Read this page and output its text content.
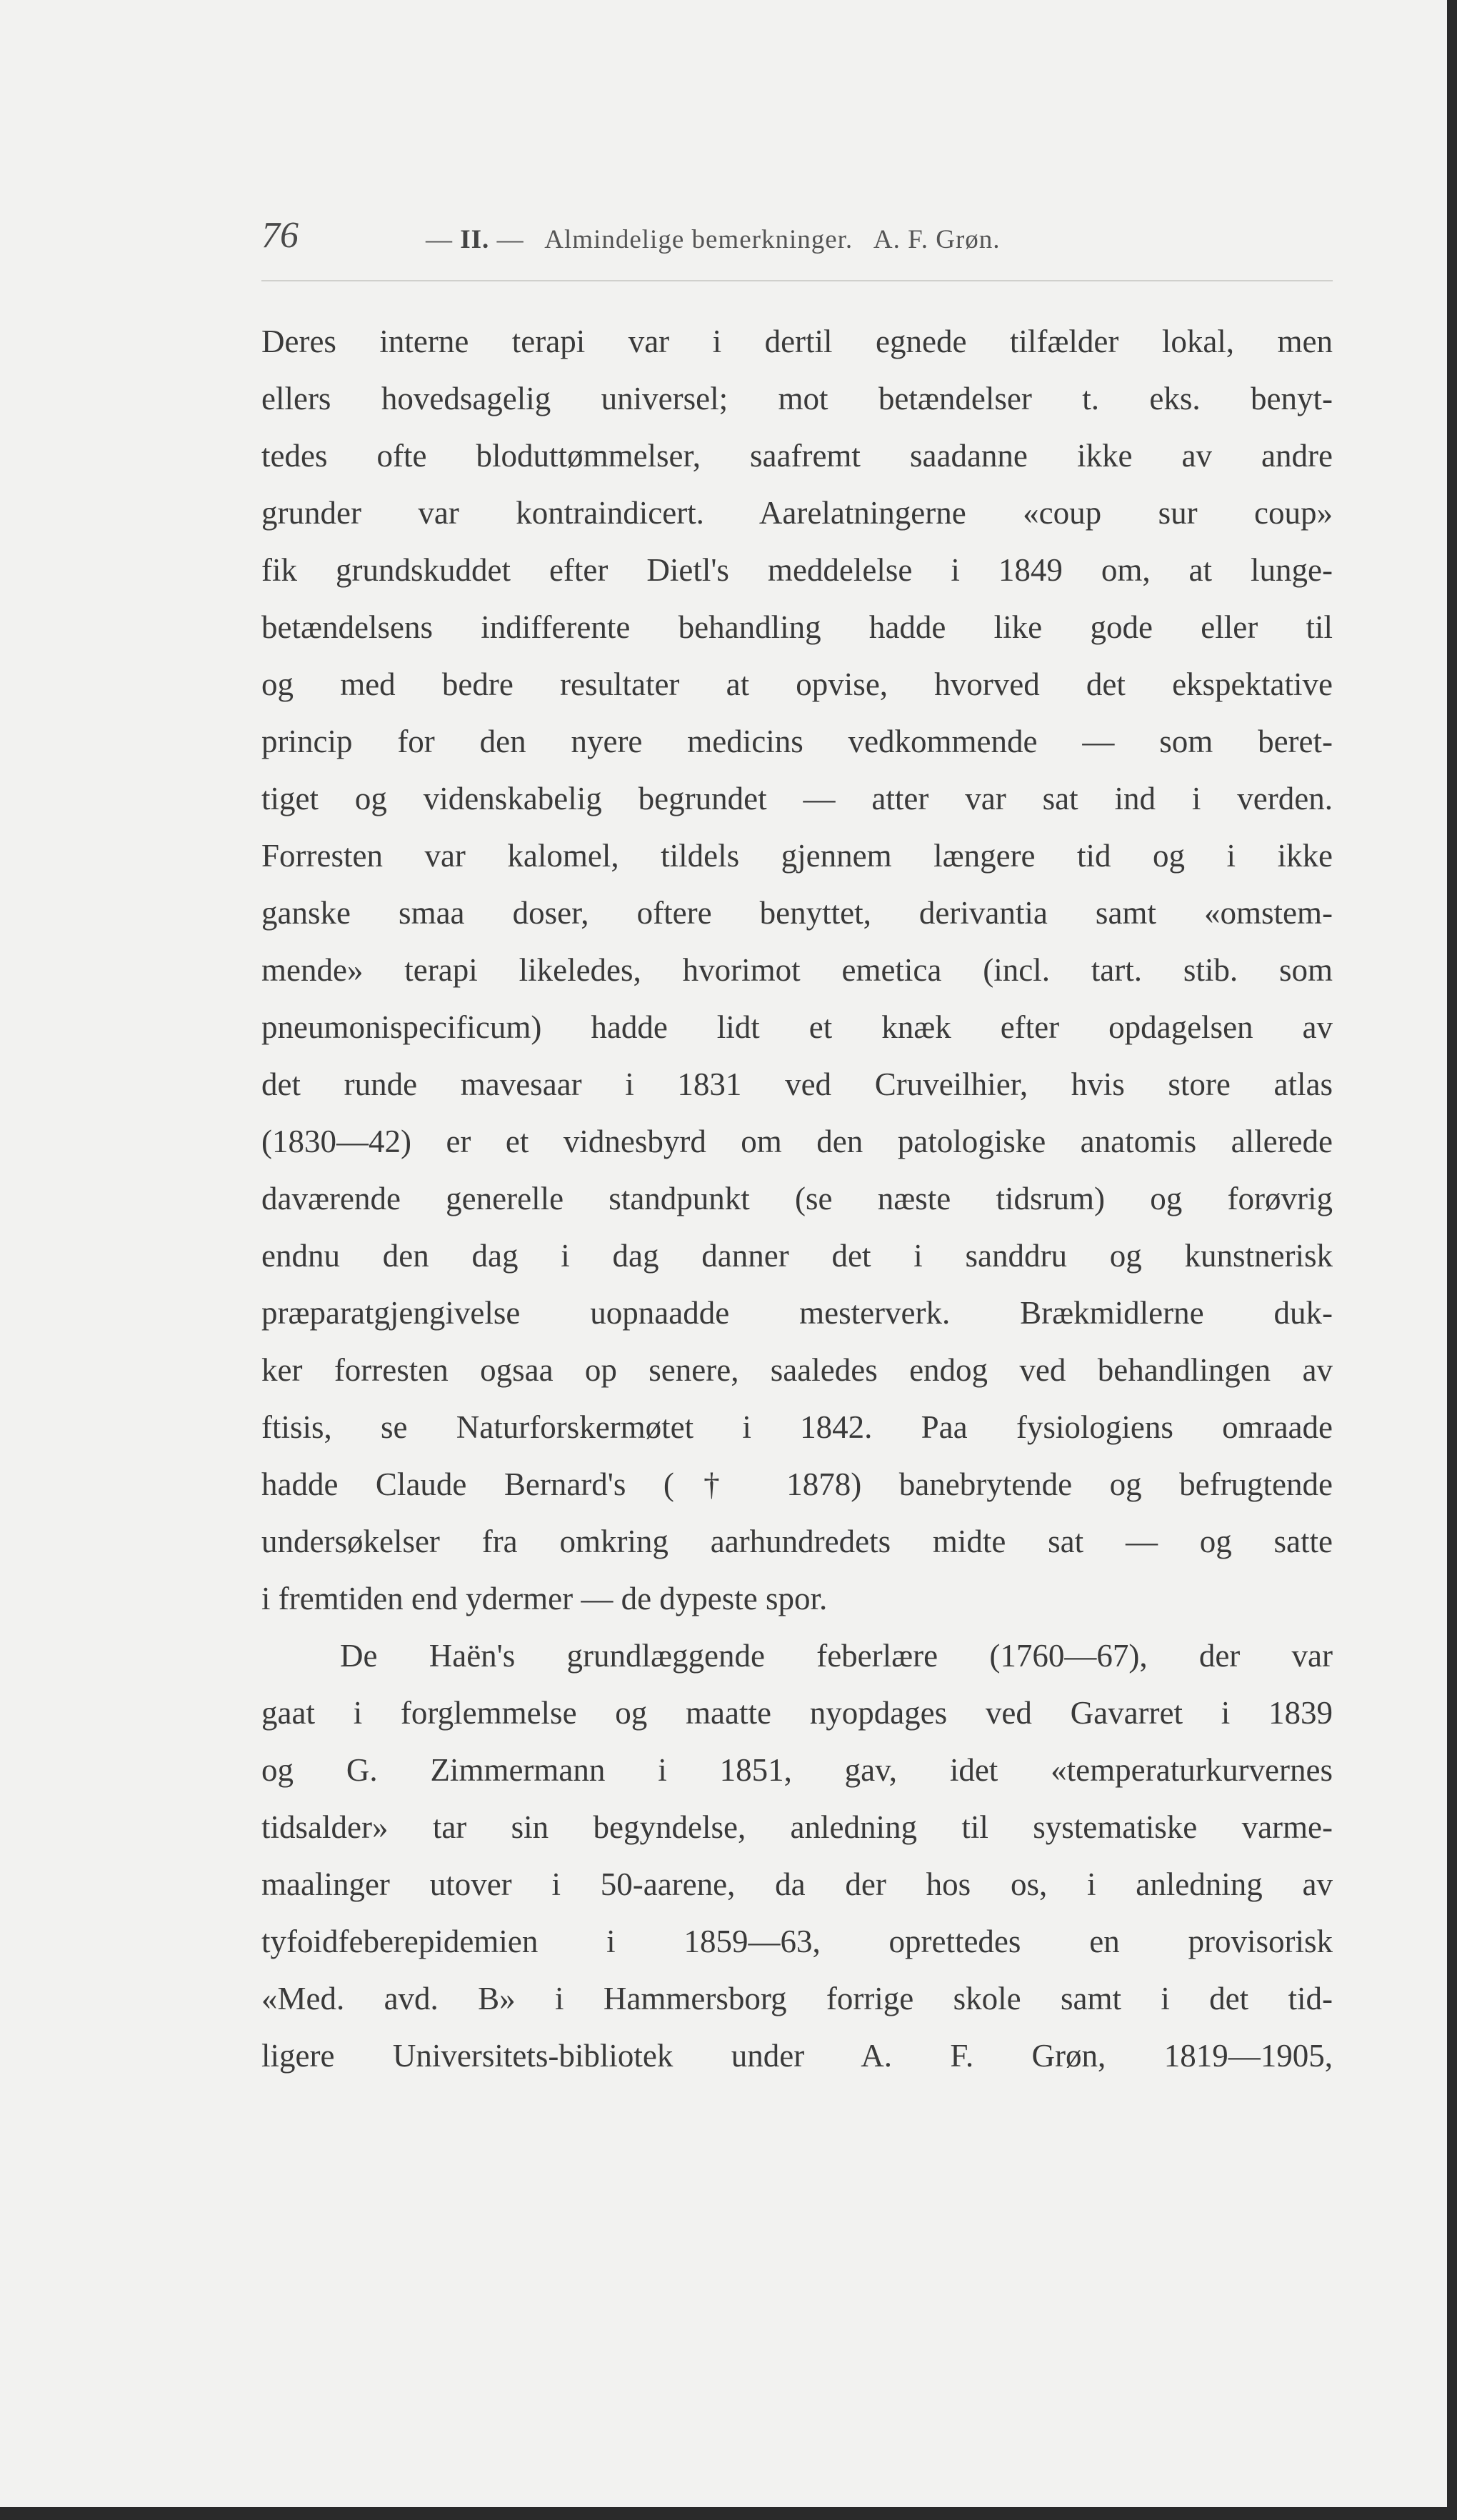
76	— II. — Almindelige bemerkninger. A. F. Grøn.
Deres interne terapi var i dertil egnede tilfælder lokal, men
ellers hovedsagelig universel; mot betændelser t. eks. benyt-
tedes ofte bloduttømmelser, saafremt saadanne ikke av andre
grunder var kontraindicert. Aarelatningerne «coup sur coup»
fik grundskuddet efter Dietl's meddelelse i 1849 om, at lunge-
betændelsens indifferente behandling hadde like gode eller til
og med bedre resultater at opvise, hvorved det ekspektative
princip for den nyere medicins vedkommende — som beret-
tiget og videnskabelig begrundet — atter var sat ind i verden.
Forresten var kalomel, tildels gjennem længere tid og i ikke
ganske smaa doser, oftere benyttet, derivantia samt «omstem-
mende» terapi likeledes, hvorimot emetica (incl. tart. stib. som
pneumonispecificum) hadde lidt et knæk efter opdagelsen av
det runde mavesaar i 1831 ved Cruveilhier, hvis store atlas
(1830—42) er et vidnesbyrd om den patologiske anatomis allerede
daværende generelle standpunkt (se næste tidsrum) og forøvrig
endnu den dag i dag danner det i sanddru og kunstnerisk
præparatgjengivelse uopnaadde mesterverk. Brækmidlerne duk-
ker forresten ogsaa op senere, saaledes endog ved behandlingen av
ftisis, se Naturforskermøtet i 1842. Paa fysiologiens omraade
hadde Claude Bernard's († 1878) banebrytende og befrugtende
undersøkelser fra omkring aarhundredets midte sat — og satte
i fremtiden end ydermer — de dypeste spor.
De Haën's grundlæggende feberlære (1760—67), der var
gaat i forglemmelse og maatte nyopdages ved Gavarret i 1839
og G. Zimmermann i 1851, gav, idet «temperaturkurvernes
tidsalder» tar sin begyndelse, anledning til systematiske varme-
maalinger utover i 50-aarene, da der hos os, i anledning av
tyfoidfeberepidemien i 1859—63, oprettedes en provisorisk
«Med. avd. B» i Hammersborg forrige skole samt i det tid-
ligere Universitets-bibliotek under A. F. Grøn, 1819—1905,
